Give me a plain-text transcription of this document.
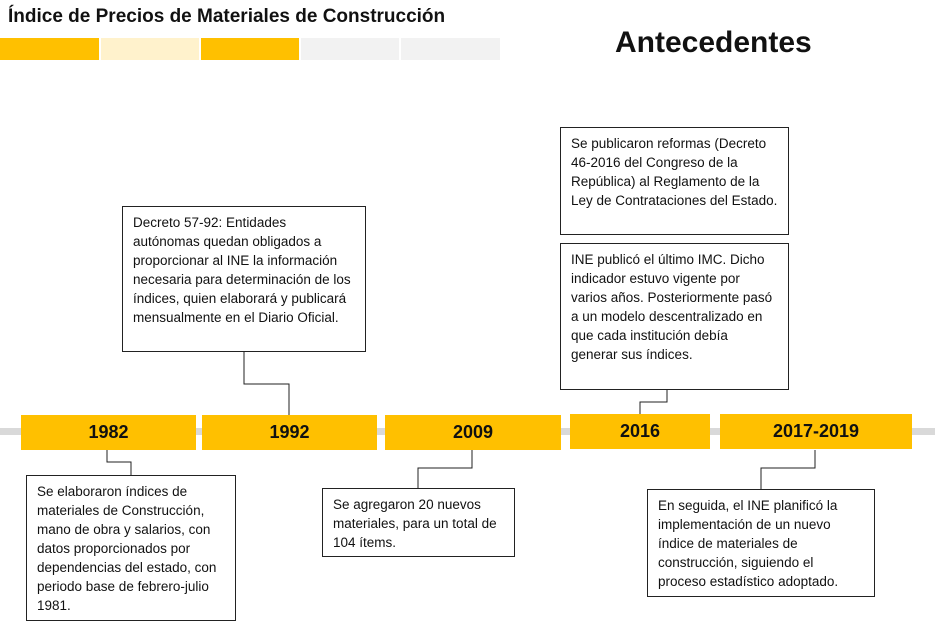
Índice de Precios de Materiales de Construcción
Antecedentes
1982	1992	2009	2016	2017-2019
Decreto 57-92: Entidades autónomas quedan obligados a proporcionar al INE la información necesaria para determinación de los índices, quien elaborará y publicará mensualmente en el Diario Oficial.
Se elaboraron índices de materiales de Construcción, mano de obra y salarios, con datos proporcionados por dependencias del estado, con periodo base de febrero-julio 1981.
Se agregaron 20 nuevos materiales, para un total de 104 ítems.
Se publicaron reformas (Decreto 46-2016 del Congreso de la República) al Reglamento de la Ley de Contrataciones del Estado.
INE publicó el último IMC. Dicho indicador estuvo vigente por varios años. Posteriormente pasó a un modelo descentralizado en que cada institución debía generar sus índices.
En seguida, el INE planificó la implementación de un nuevo índice de materiales de construcción, siguiendo el proceso estadístico adoptado.
